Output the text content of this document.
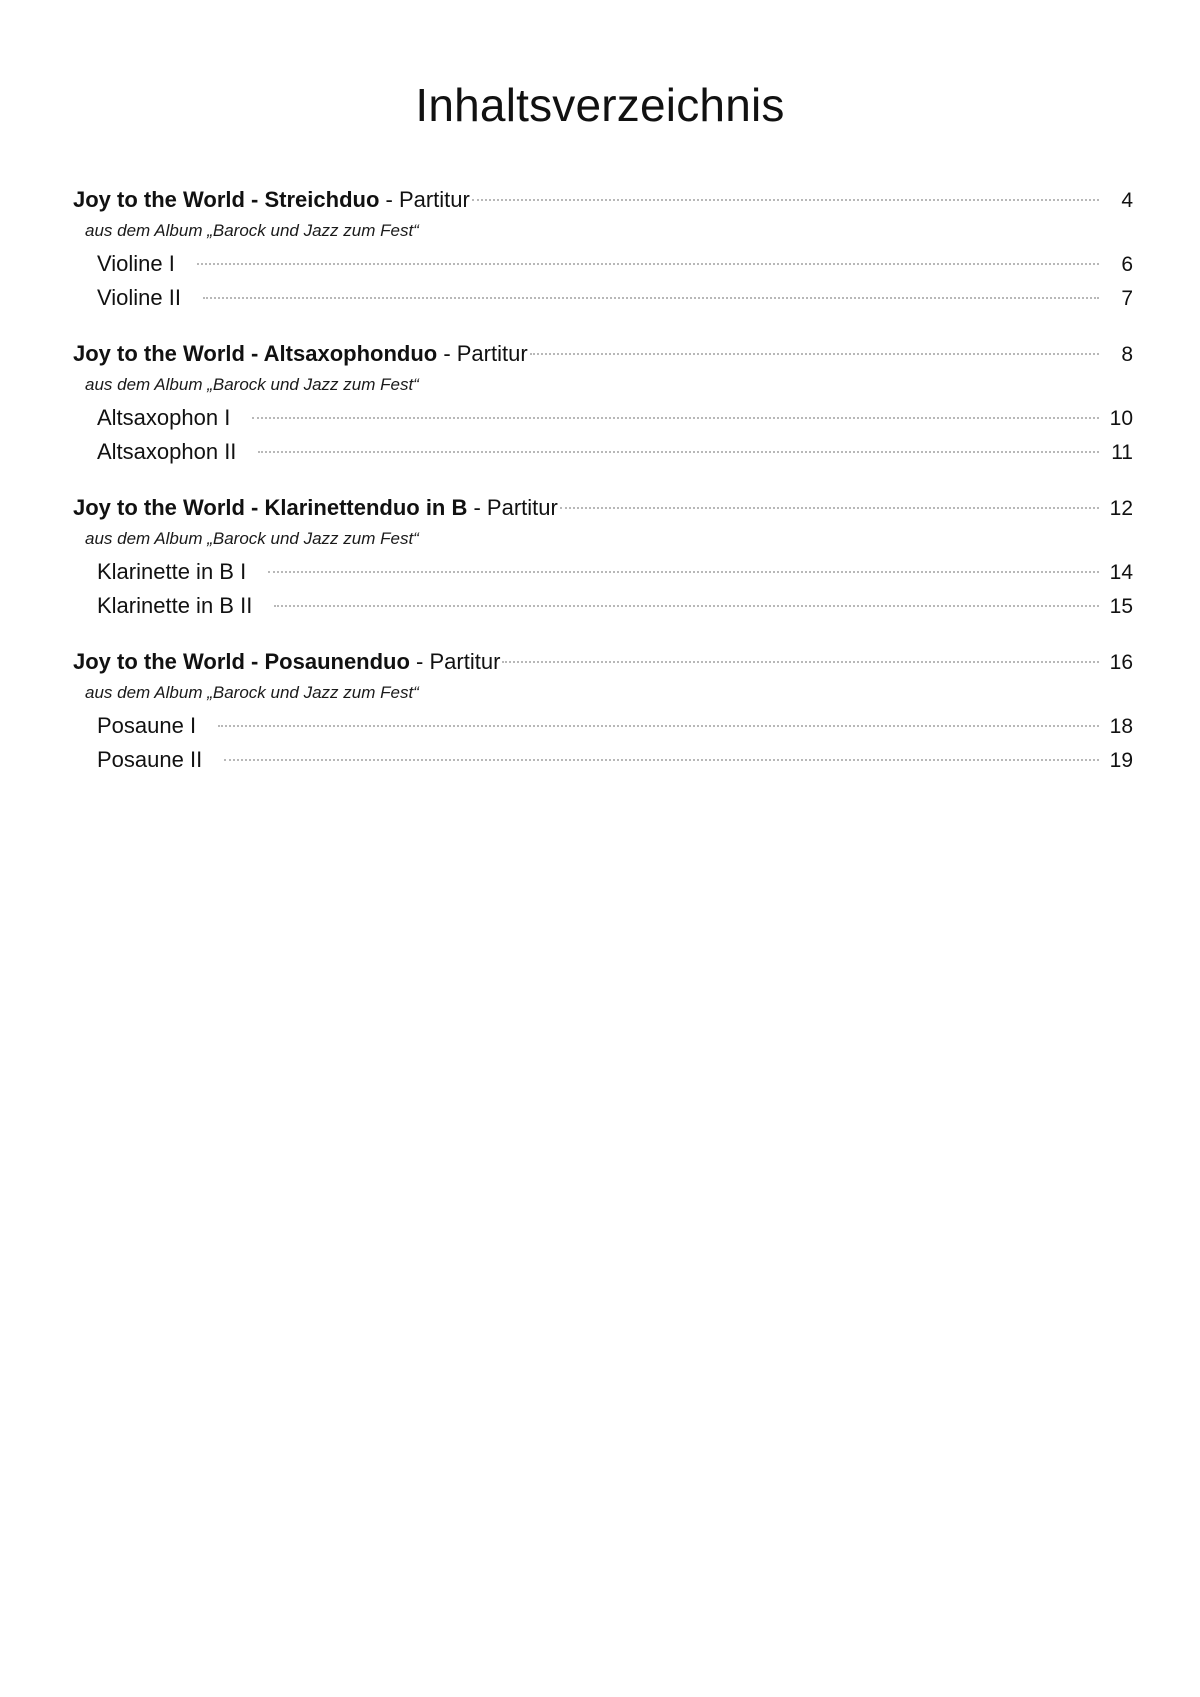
Inhaltsverzeichnis
Joy to the World - Streichduo - Partitur	4
aus dem Album „Barock und Jazz zum Fest“
Violine I	6
Violine II	7
Joy to the World - Altsaxophonduo - Partitur	8
aus dem Album „Barock und Jazz zum Fest“
Altsaxophon I	10
Altsaxophon II	11
Joy to the World - Klarinettenduo in B - Partitur	12
aus dem Album „Barock und Jazz zum Fest“
Klarinette in B I	14
Klarinette in B II	15
Joy to the World - Posaunenduo - Partitur	16
aus dem Album „Barock und Jazz zum Fest“
Posaune I	18
Posaune II	19
